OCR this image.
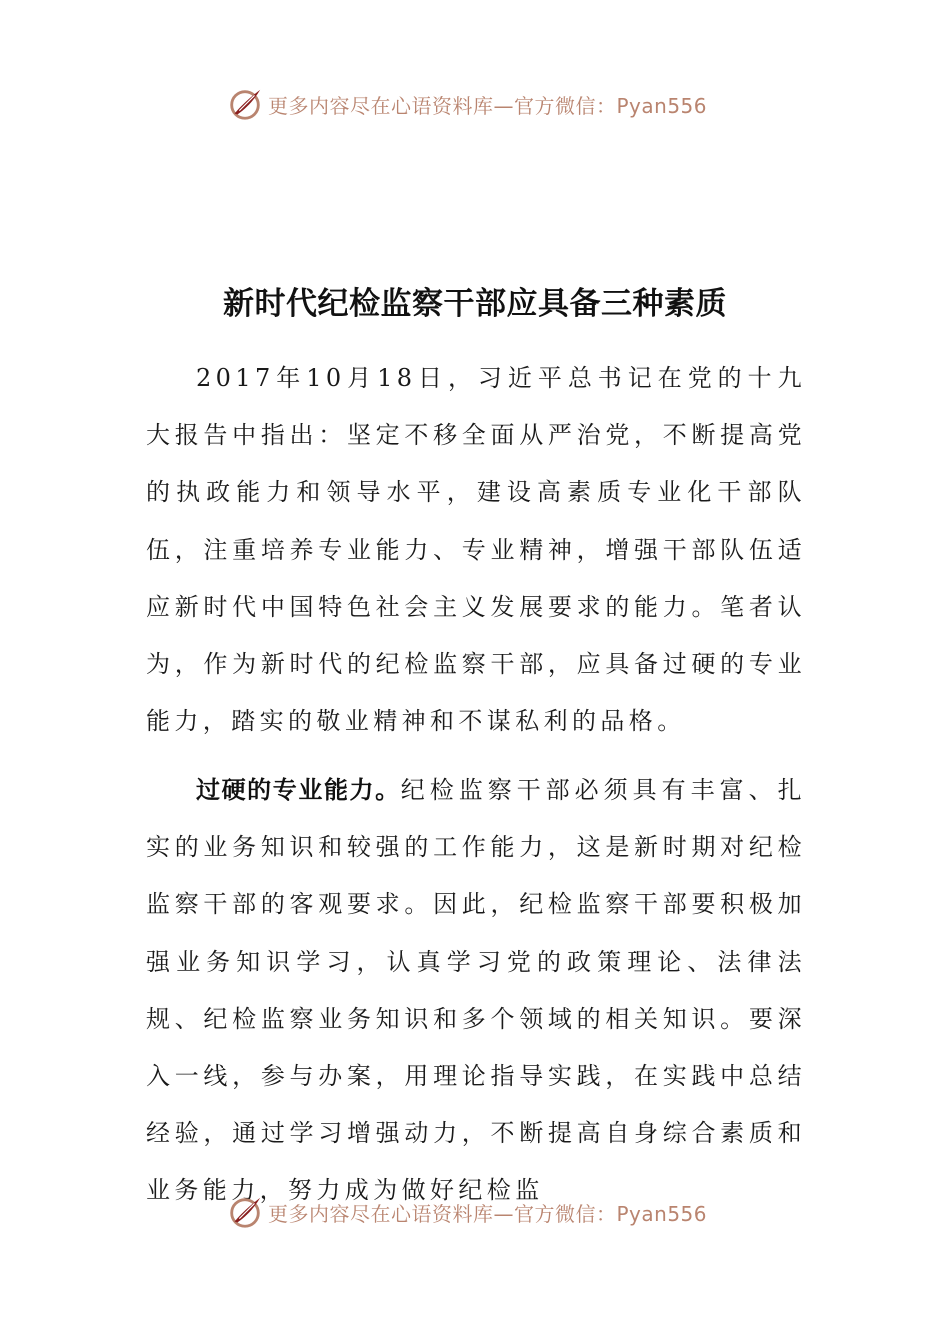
更多内容尽在心语资料库—官方微信：Pyan556
新时代纪检监察干部应具备三种素质

2017年10月18日，习近平总书记在党的十九大报告中指出：坚定不移全面从严治党，不断提高党的执政能力和领导水平，建设高素质专业化干部队伍，注重培养专业能力、专业精神，增强干部队伍适应新时代中国特色社会主义发展要求的能力。笔者认为，作为新时代的纪检监察干部，应具备过硬的专业能力，踏实的敬业精神和不谋私利的品格。

过硬的专业能力。纪检监察干部必须具有丰富、扎实的业务知识和较强的工作能力，这是新时期对纪检监察干部的客观要求。因此，纪检监察干部要积极加强业务知识学习，认真学习党的政策理论、法律法规、纪检监察业务知识和多个领域的相关知识。要深入一线，参与办案，用理论指导实践，在实践中总结经验，通过学习增强动力，不断提高自身综合素质和业务能力，努力成为做好纪检监

更多内容尽在心语资料库—官方微信：Pyan556
